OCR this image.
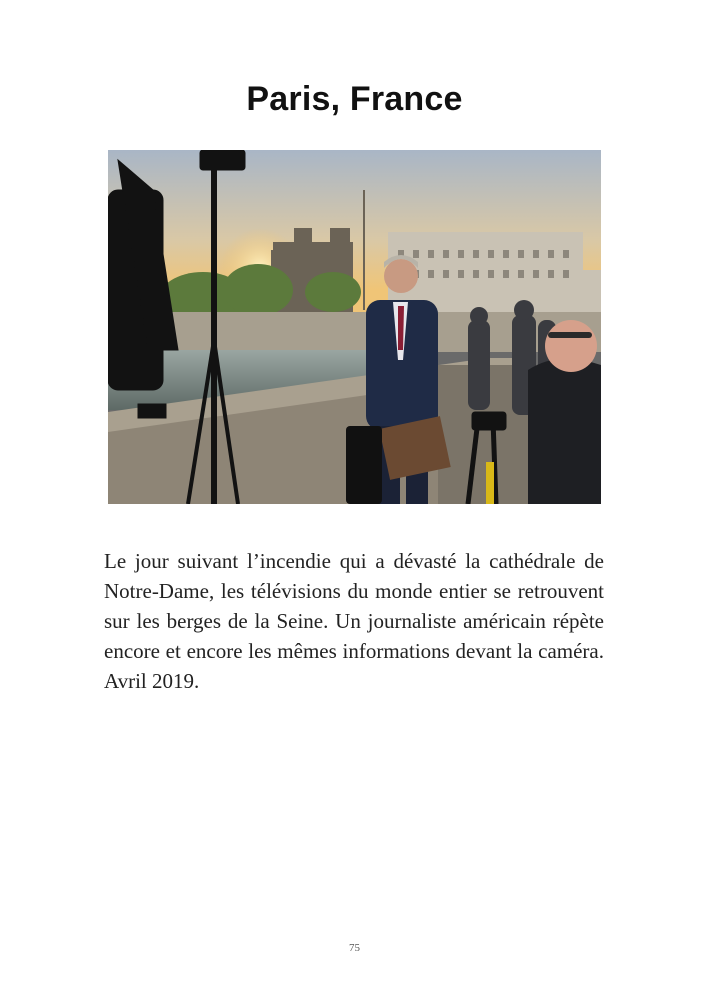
Paris, France

Le jour suivant l’incendie qui a dévasté la cathédrale de Notre-Dame, les télévisions du monde entier se retrouvent sur les berges de la Seine. Un journaliste américain répète encore et encore les mêmes informations devant la caméra. Avril 2019.

75
